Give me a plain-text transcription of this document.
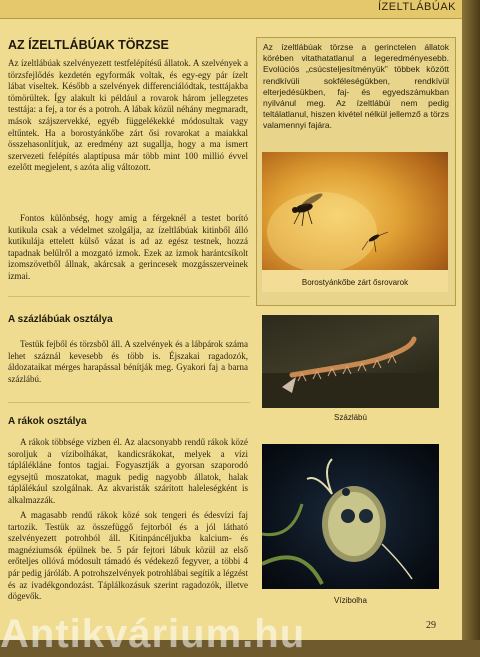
ÍZELTLÁBÚAK
AZ ÍZELTLÁBÚAK TÖRZSE

Az ízeltlábúak szelvényezett testfelépítésű állatok. A szelvények a törzsfejlődés kezdetén egyformák voltak, és egy-egy pár ízelt lábat viseltek. Később a szelvények differenciálódtak, testtájakba tömörültek. Így alakult ki például a rovarok három jellegzetes testtája: a fej, a tor és a potroh. A lábak közül néhány megmaradt, mások szájszervekké, egyéb függelékekké módosultak vagy eltűntek. Ha a borostyánkőbe zárt ősi rovarokat a maiakkal összehasonlítjuk, az eredmény azt sugallja, hogy a ma ismert szervezeti felépítés alaptípusa már több mint 100 millió évvel ezelőtt megjelent, s azóta alig változott.

Fontos különbség, hogy amíg a férgeknél a testet borító kutikula csak a védelmet szolgálja, az ízeltlábúak kitinből álló kutikulája ettelett külső vázat is ad az egész testnek, hozzá tapadnak belűlről a mozgató izmok. Ezek az izmok harántcsíkolt izomszövetből állnak, akárcsak a gerincesek mozgásszerveinek izmai.

A százlábúak osztálya

Testük fejből és törzsből áll. A szelvények és a lábpárok száma lehet száznál kevesebb és több is. Éjszakai ragadozók, áldozataikat mérges harapással bénítják meg. Gyakori faj a barna százlábú.

A rákok osztálya

A rákok többsége vízben él. Az alacsonyabb rendű rákok közé soroljuk a vízibolhákat, kandicsrákokat, melyek a vízi táplálékláne fontos tagjai. Fogyasztják a gyorsan szaporodó egysejtű moszatokat, maguk pedig nagyobb állatok, halak táplálékául szolgálnak. Az akvaristák szárított haleleségként is alkalmazzák.

A magasabb rendű rákok közé sok tengeri és édesvízi faj tartozik. Testük az összefüggő fejtorból és a jól látható szelvényezett potrohból áll. Kitinpáncéljukba kalcium- és magnéziumsók épülnek be. 5 pár fejtori lábuk közül az első erőteljes ollóvá módosult támadó és védekező fegyver, a többi 4 pár pedig járóláb. A potrohszelvények potrohlábai segítik a légzést és az ivadékgondozást. Táplálkozásuk szerint ragadozók, illetve dögevők.

Az ízeltlábúak törzse a gerinctelen állatok körében vitathatatlanul a legeredményesebb. Evolúciós „csúcsteljesítményük” többek között rendkívüli sokféleségükben, rendkívül elterjedésükben, faj- és egyedszámukban nyilvánul meg. Az ízeltlábúi nem pedig teltálatlanul, hiszen kivétel nélkül jellemző a törzs valamennyi fajára.

Borostyánkőbe zárt ősrovarok
Százlábú
Vízibolha
29
Antikvárium.hu
